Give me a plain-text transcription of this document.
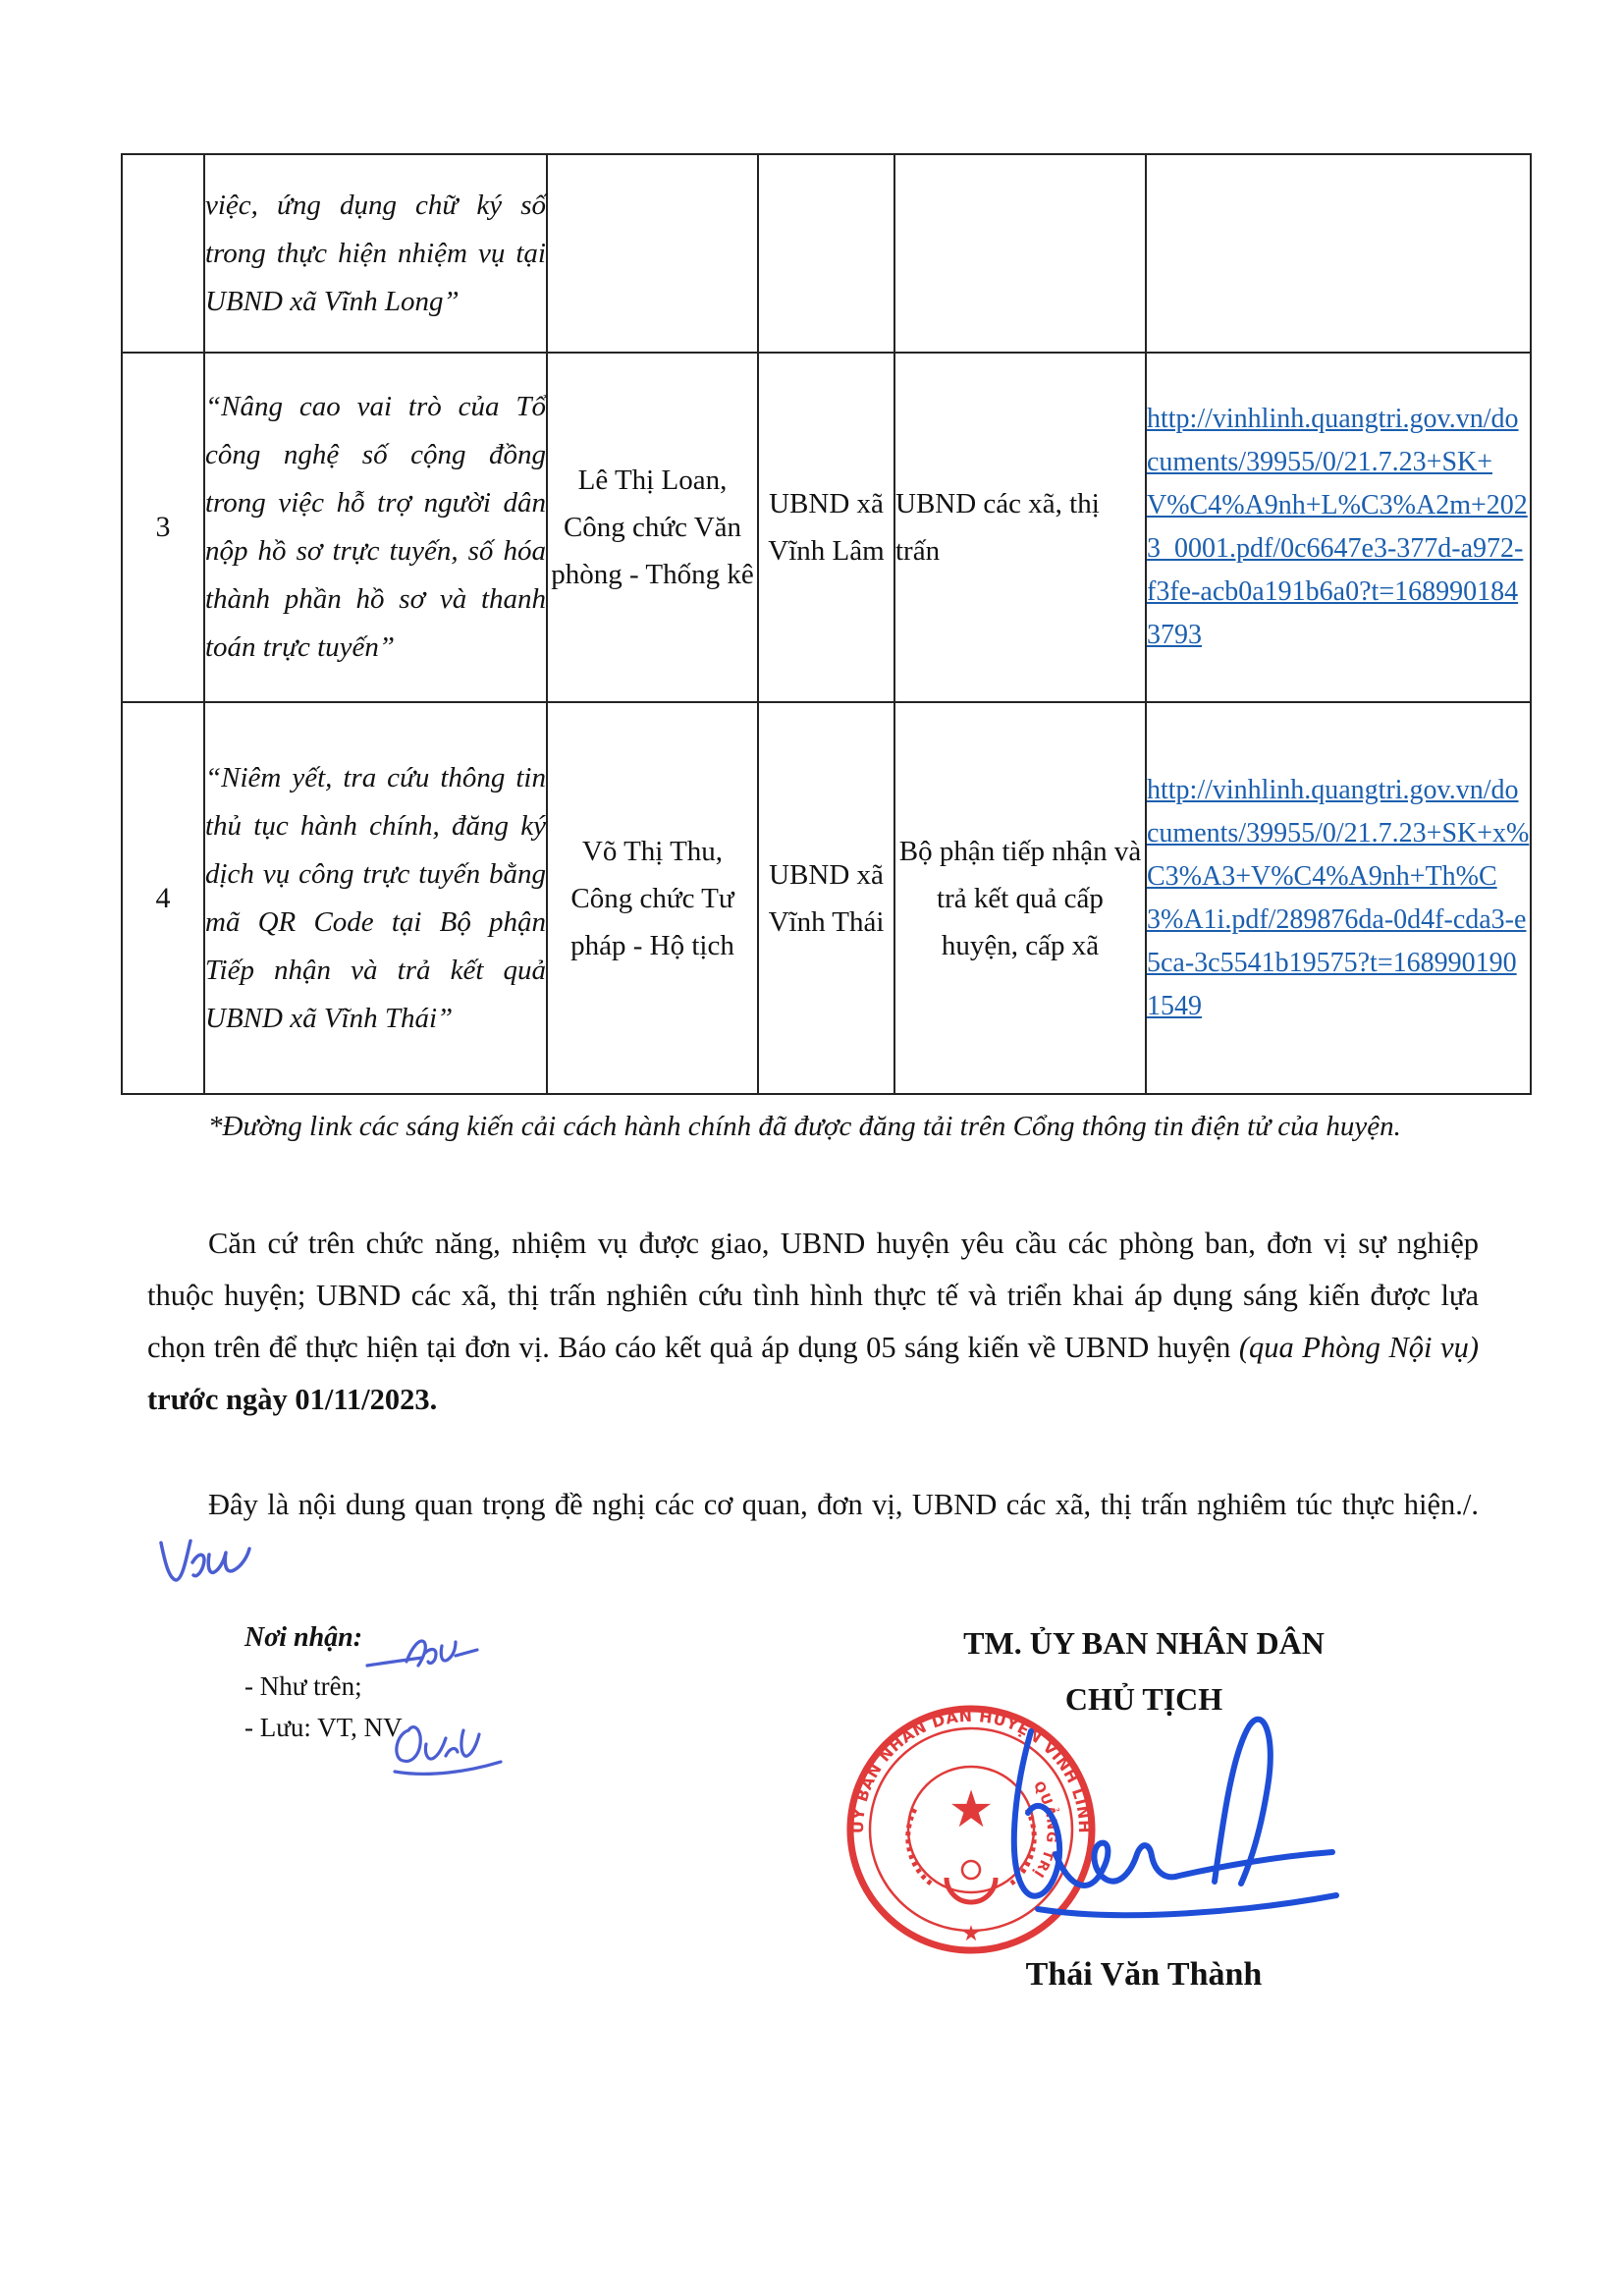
	việc, ứng dụng chữ ký số trong thực hiện nhiệm vụ tại UBND xã Vĩnh Long”				
3	“Nâng cao vai trò của Tổ công nghệ số cộng đồng trong việc hỗ trợ người dân nộp hồ sơ trực tuyến, số hóa thành phần hồ sơ và thanh toán trực tuyến”	Lê Thị Loan, Công chức Văn phòng - Thống kê	UBND xã Vĩnh Lâm	UBND các xã, thị trấn	http://vinhlinh.quangtri.gov.vn/documents/39955/0/21.7.23+SK+V%C4%A9nh+L%C3%A2m+2023_0001.pdf/0c6647e3-377d-a972-f3fe-acb0a191b6a0?t=1689901843793

4	“Niêm yết, tra cứu thông tin thủ tục hành chính, đăng ký dịch vụ công trực tuyến bằng mã QR Code tại Bộ phận Tiếp nhận và trả kết quả UBND xã Vĩnh Thái”	Võ Thị Thu, Công chức Tư pháp - Hộ tịch	UBND xã Vĩnh Thái	Bộ phận tiếp nhận và trả kết quả cấp huyện, cấp xã	http://vinhlinh.quangtri.gov.vn/documents/39955/0/21.7.23+SK+x%C3%A3+V%C4%A9nh+Th%C3%A1i.pdf/289876da-0d4f-cda3-e5ca-3c5541b19575?t=1689901901549
*Đường link các sáng kiến cải cách hành chính đã được đăng tải trên Cổng thông tin điện tử của huyện.
Căn cứ trên chức năng, nhiệm vụ được giao, UBND huyện yêu cầu các phòng ban, đơn vị sự nghiệp thuộc huyện; UBND các xã, thị trấn nghiên cứu tình hình thực tế và triển khai áp dụng sáng kiến được lựa chọn trên để thực hiện tại đơn vị. Báo cáo kết quả áp dụng 05 sáng kiến về UBND huyện (qua Phòng Nội vụ) trước ngày 01/11/2023.
Đây là nội dung quan trọng đề nghị các cơ quan, đơn vị, UBND các xã, thị trấn nghiêm túc thực hiện./.
Nơi nhận:
- Như trên;
- Lưu: VT, NV
TM. ỦY BAN NHÂN DÂN
CHỦ TỊCH
ỦY BAN NHÂN DÂN HUYỆN VĨNH LINH
QUẢNG TRỊ
★
★
Thái Văn Thành
